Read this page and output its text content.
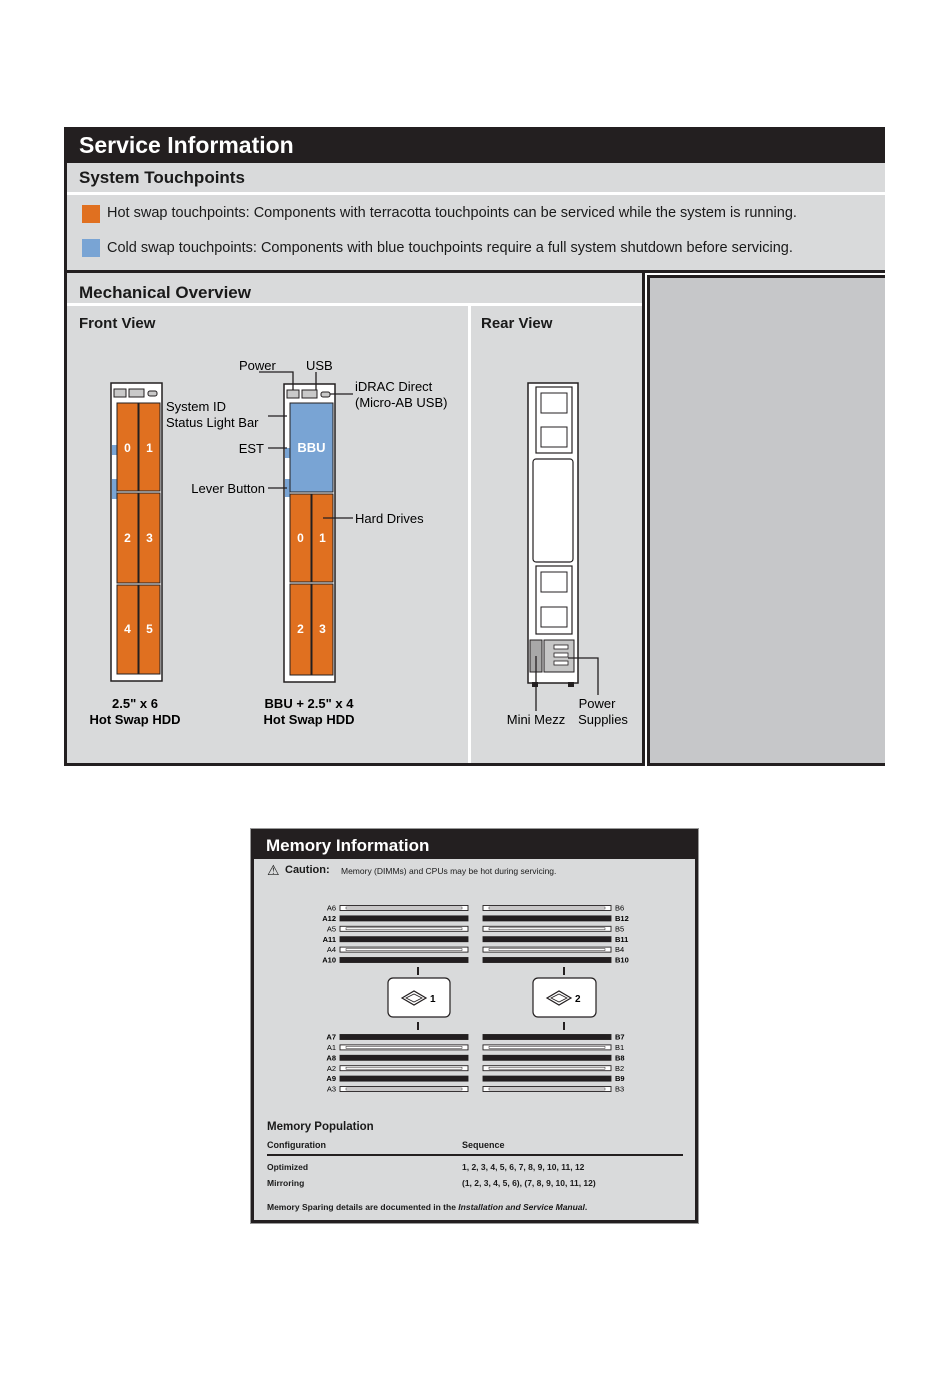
Service Information
System Touchpoints
Hot swap touchpoints: Components with terracotta touchpoints can be serviced while the system is running.
Cold swap touchpoints: Components with blue touchpoints require a full system shutdown before servicing.
Mechanical Overview
Front View	Rear View
0 1
2 3
4 5
BBU
0 1
2 3
Power USB
iDRAC Direct
(Micro-AB USB)
System ID
Status Light Bar
EST
Lever Button
Hard Drives
2.5" x 6
Hot Swap HDD
BBU + 2.5" x 4
Hot Swap HDD	Mini Mezz
Power
Supplies
Memory Information
⚠ Caution: Memory (DIMMs) and CPUs may be hot during servicing.
A6
A12
A5
A11
A4
A10
B6
B12
B5
B11
B4
B10
A7
A1
A8
A2
A9
A3
B7
B1
B8
B2
B9
B3
1	2
Memory Population
Configuration	Sequence
Optimized	1, 2, 3, 4, 5, 6, 7, 8, 9, 10, 11, 12
Mirroring	(1, 2, 3, 4, 5, 6), (7, 8, 9, 10, 11, 12)
Memory Sparing details are documented in the Installation and Service Manual.
